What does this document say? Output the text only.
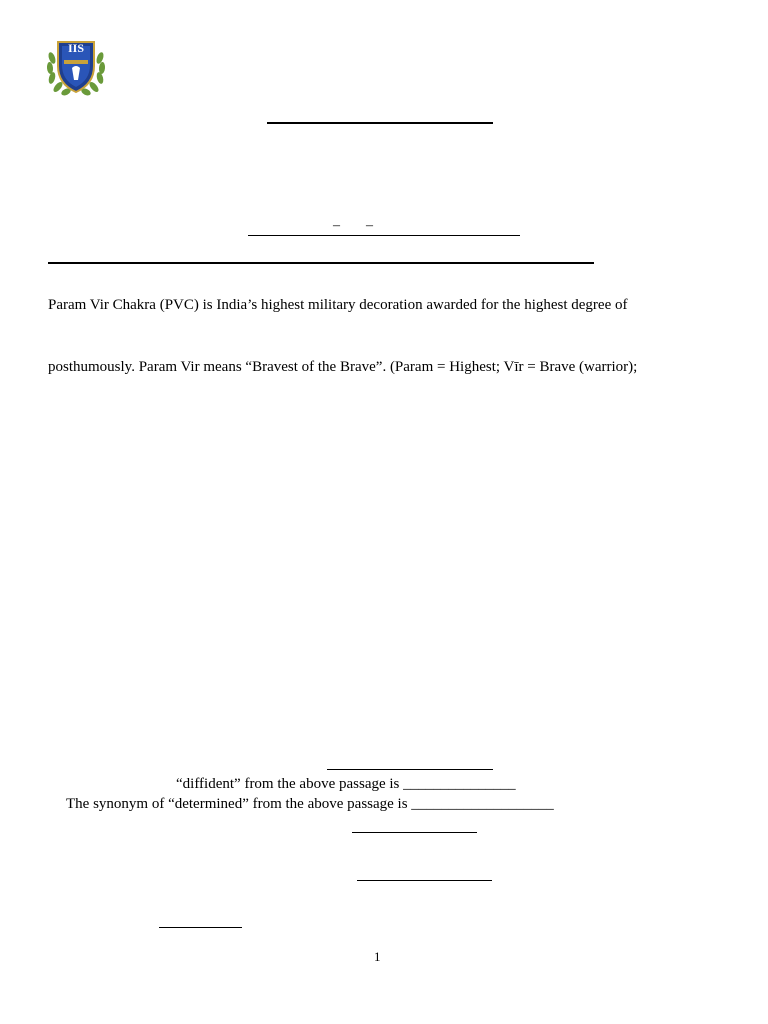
IIS
– –
Param Vir Chakra (PVC) is India’s highest military decoration awarded for the highest degree of
posthumously. Param Vir means “Bravest of the Brave”. (Param = Highest; Vīr = Brave (warrior);
“diffident” from the above passage is _______________
The synonym of “determined” from the above passage is ___________________
1
